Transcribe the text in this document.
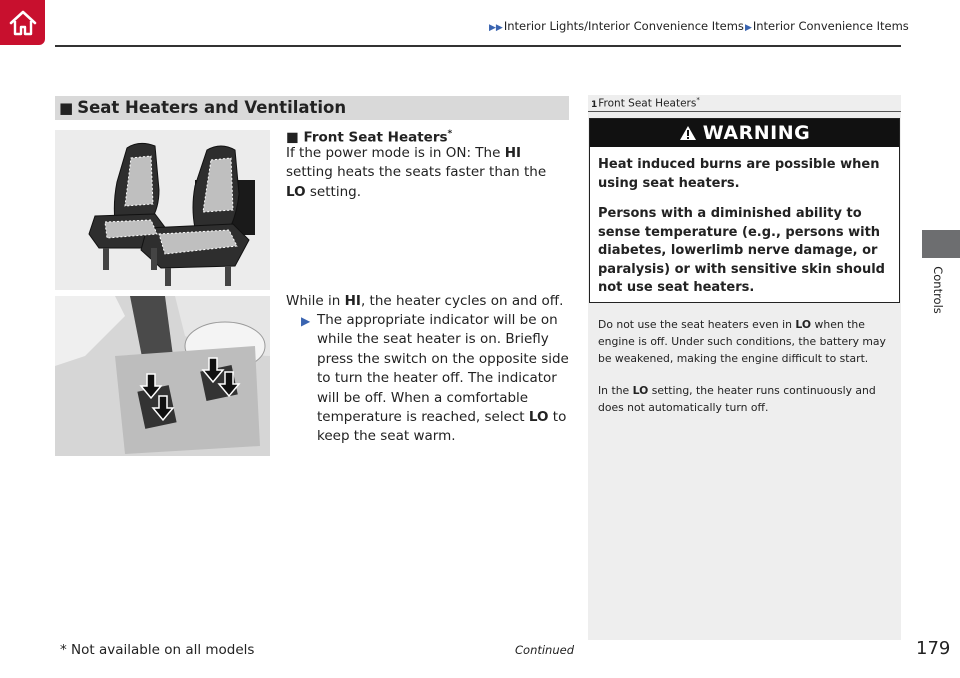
▶▶Interior Lights/Interior Convenience Items▶Interior Convenience Items
Controls
■ Seat Heaters and Ventilation
■ Front Seat Heaters*
If the power mode is in ON: The HI setting heats the seats faster than the LO setting.
While in HI, the heater cycles on and off.
▶ The appropriate indicator will be on while the seat heater is on. Briefly press the switch on the opposite side to turn the heater off. The indicator will be off. When a comfortable temperature is reached, select LO to keep the seat warm.
1Front Seat Heaters*
WARNING

Heat induced burns are possible when using seat heaters.

Persons with a diminished ability to sense temperature (e.g., persons with diabetes, lowerlimb nerve damage, or paralysis) or with sensitive skin should not use seat heaters.

Do not use the seat heaters even in LO when the engine is off. Under such conditions, the battery may be weakened, making the engine difficult to start.
In the LO setting, the heater runs continuously and does not automatically turn off.
* Not available on all models	Continued	179
